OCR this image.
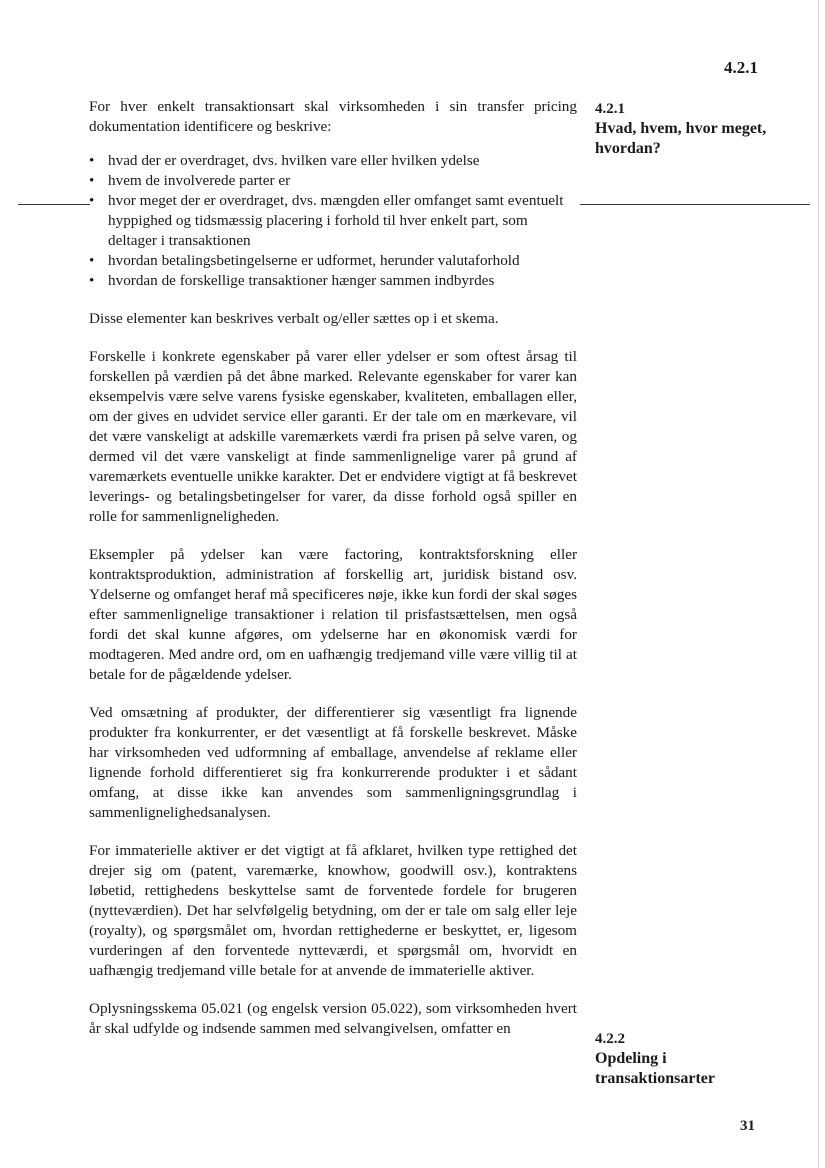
4.2.1

For hver enkelt transaktionsart skal virksomheden i sin transfer pricing dokumentation identificere og beskrive:

• hvad der er overdraget, dvs. hvilken vare eller hvilken ydelse
• hvem de involverede parter er
• hvor meget der er overdraget, dvs. mængden eller omfanget samt eventuelt hyppighed og tidsmæssig placering i forhold til hver enkelt part, som deltager i transaktionen
• hvordan betalingsbetingelserne er udformet, herunder valutaforhold
• hvordan de forskellige transaktioner hænger sammen indbyrdes

Disse elementer kan beskrives verbalt og/eller sættes op i et skema.

Forskelle i konkrete egenskaber på varer eller ydelser er som oftest årsag til forskellen på værdien på det åbne marked. Relevante egenskaber for varer kan eksempelvis være selve varens fysiske egenskaber, kvaliteten, emballagen eller, om der gives en udvidet service eller garanti. Er der tale om en mærkevare, vil det være vanskeligt at adskille varemærkets værdi fra prisen på selve varen, og dermed vil det være vanskeligt at finde sammenlignelige varer på grund af varemærkets eventuelle unikke karakter. Det er endvidere vigtigt at få beskrevet leverings- og betalingsbetingelser for varer, da disse forhold også spiller en rolle for sammenligneligheden.

Eksempler på ydelser kan være factoring, kontraktsforskning eller kontraktsproduktion, administration af forskellig art, juridisk bistand osv. Ydelserne og omfanget heraf må specificeres nøje, ikke kun fordi der skal søges efter sammenlignelige transaktioner i relation til prisfastsættelsen, men også fordi det skal kunne afgøres, om ydelserne har en økonomisk værdi for modtageren. Med andre ord, om en uafhængig tredjemand ville være villig til at betale for de pågældende ydelser.

Ved omsætning af produkter, der differentierer sig væsentligt fra lignende produkter fra konkurrenter, er det væsentligt at få forskelle beskrevet. Måske har virksomheden ved udformning af emballage, anvendelse af reklame eller lignende forhold differentieret sig fra konkurrerende produkter i et sådant omfang, at disse ikke kan anvendes som sammenligningsgrundlag i sammenlignelighedsanalysen.

For immaterielle aktiver er det vigtigt at få afklaret, hvilken type rettighed det drejer sig om (patent, varemærke, knowhow, goodwill osv.), kontraktens løbetid, rettighedens beskyttelse samt de forventede fordele for brugeren (nytteværdien). Det har selvfølgelig betydning, om der er tale om salg eller leje (royalty), og spørgsmålet om, hvordan rettighederne er beskyttet, er, ligesom vurderingen af den forventede nytteværdi, et spørgsmål om, hvorvidt en uafhængig tredjemand ville betale for at anvende de immaterielle aktiver.

Oplysningsskema 05.021 (og engelsk version 05.022), som virksomheden hvert år skal udfylde og indsende sammen med selvangivelsen, omfatter en

4.2.1
Hvad, hvem, hvor meget, hvordan?
4.2.2
Opdeling i transaktionsarter
31
